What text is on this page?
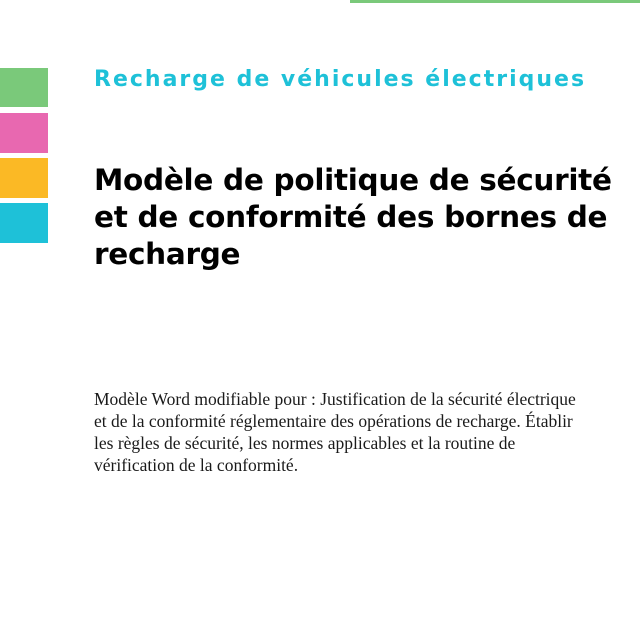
Recharge de véhicules électriques

Modèle de politique de sécurité et de conformité des bornes de recharge

Modèle Word modifiable pour : Justification de la sécurité électrique et de la conformité réglementaire des opérations de recharge. Établir les règles de sécurité, les normes applicables et la routine de vérification de la conformité.
